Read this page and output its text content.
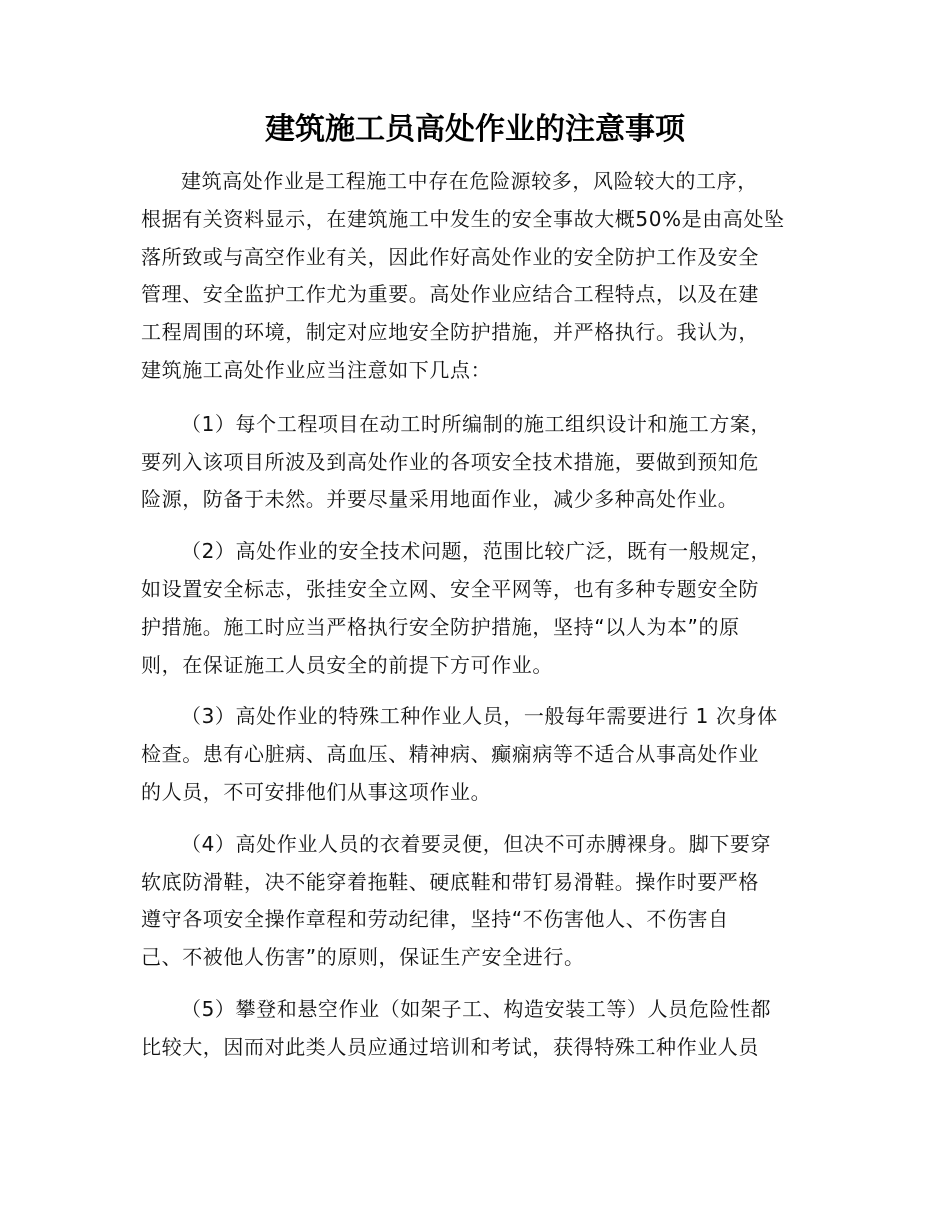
建筑施工员高处作业的注意事项

建筑高处作业是工程施工中存在危险源较多，风险较大的工序，
根据有关资料显示，在建筑施工中发生的安全事故大概50%是由高处坠
落所致或与高空作业有关，因此作好高处作业的安全防护工作及安全
管理、安全监护工作尤为重要。高处作业应结合工程特点，以及在建
工程周围的环境，制定对应地安全防护措施，并严格执行。我认为，
建筑施工高处作业应当注意如下几点：

（1）每个工程项目在动工时所编制的施工组织设计和施工方案，
要列入该项目所波及到高处作业的各项安全技术措施，要做到预知危
险源，防备于未然。并要尽量采用地面作业，减少多种高处作业。

（2）高处作业的安全技术问题，范围比较广泛，既有一般规定，
如设置安全标志，张挂安全立网、安全平网等，也有多种专题安全防
护措施。施工时应当严格执行安全防护措施，坚持“以人为本”的原
则，在保证施工人员安全的前提下方可作业。

（3）高处作业的特殊工种作业人员，一般每年需要进行 1 次身体
检查。患有心脏病、高血压、精神病、癫痫病等不适合从事高处作业
的人员，不可安排他们从事这项作业。

（4）高处作业人员的衣着要灵便，但决不可赤膊裸身。脚下要穿
软底防滑鞋，决不能穿着拖鞋、硬底鞋和带钉易滑鞋。操作时要严格
遵守各项安全操作章程和劳动纪律，坚持“不伤害他人、不伤害自
己、不被他人伤害”的原则，保证生产安全进行。

（5）攀登和悬空作业（如架子工、构造安装工等）人员危险性都
比较大，因而对此类人员应通过培训和考试，获得特殊工种作业人员
